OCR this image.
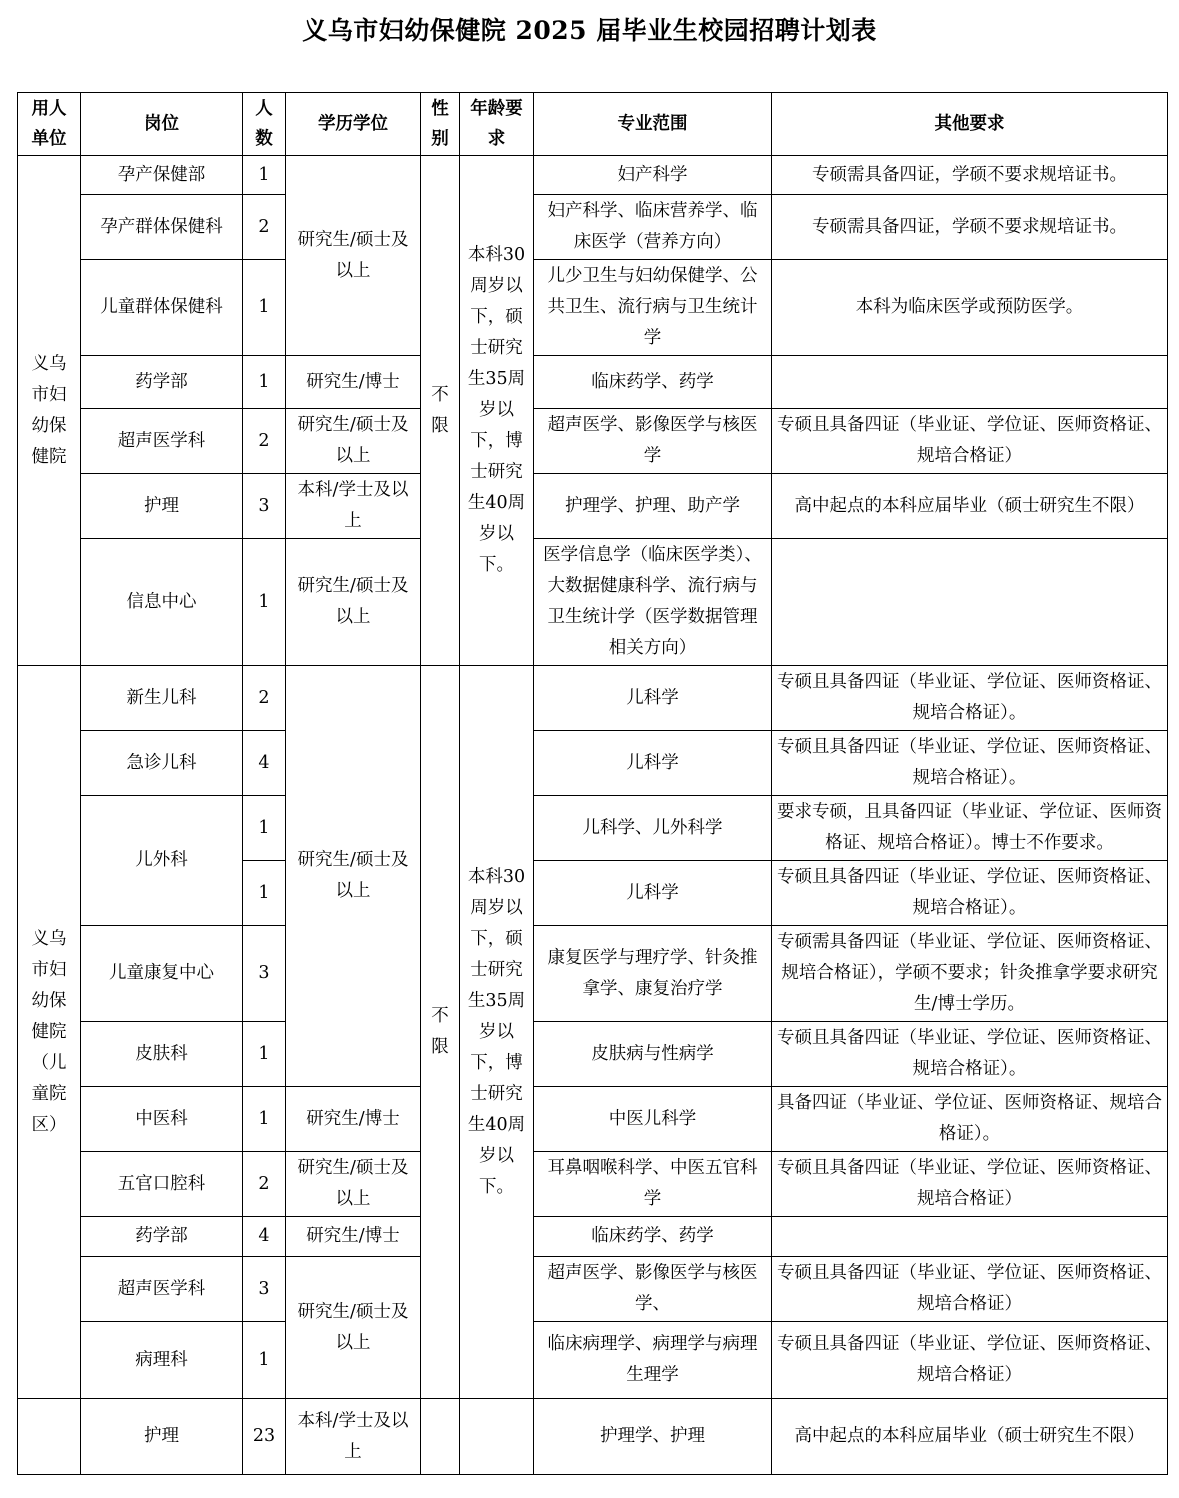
义乌市妇幼保健院 2025 届毕业生校园招聘计划表
用人单位	岗位	人数	学历学位	性别	年龄要求	专业范围	其他要求
义乌市妇幼保健院	孕产保健部	1	研究生/硕士及以上	不限	本科30周岁以下，硕士研究生35周岁以下，博士研究生40周岁以下。	妇产科学	专硕需具备四证，学硕不要求规培证书。
	孕产群体保健科	2				妇产科学、临床营养学、临床医学（营养方向）	专硕需具备四证，学硕不要求规培证书。
	儿童群体保健科	1				儿少卫生与妇幼保健学、公共卫生、流行病与卫生统计学	本科为临床医学或预防医学。
	药学部	1	研究生/博士			临床药学、药学	
	超声医学科	2	研究生/硕士及以上			超声医学、影像医学与核医学	专硕且具备四证（毕业证、学位证、医师资格证、规培合格证）
	护理	3	本科/学士及以上			护理学、护理、助产学	高中起点的本科应届毕业（硕士研究生不限）
	信息中心	1	研究生/硕士及以上			医学信息学（临床医学类）、大数据健康科学、流行病与卫生统计学（医学数据管理相关方向）	
义乌市妇幼保健院（儿童院区）	新生儿科	2	研究生/硕士及以上	不限	本科30周岁以下，硕士研究生35周岁以下，博士研究生40周岁以下。	儿科学	专硕且具备四证（毕业证、学位证、医师资格证、规培合格证）。
	急诊儿科	4				儿科学	专硕且具备四证（毕业证、学位证、医师资格证、规培合格证）。
	儿外科	1				儿科学、儿外科学	要求专硕，且具备四证（毕业证、学位证、医师资格证、规培合格证）。博士不作要求。
		1				儿科学	专硕且具备四证（毕业证、学位证、医师资格证、规培合格证）。
	儿童康复中心	3				康复医学与理疗学、针灸推拿学、康复治疗学	专硕需具备四证（毕业证、学位证、医师资格证、规培合格证），学硕不要求；针灸推拿学要求研究生/博士学历。
	皮肤科	1				皮肤病与性病学	专硕且具备四证（毕业证、学位证、医师资格证、规培合格证）。
	中医科	1	研究生/博士			中医儿科学	具备四证（毕业证、学位证、医师资格证、规培合格证）。
	五官口腔科	2	研究生/硕士及以上			耳鼻咽喉科学、中医五官科学	专硕且具备四证（毕业证、学位证、医师资格证、规培合格证）
	药学部	4	研究生/博士			临床药学、药学	
	超声医学科	3	研究生/硕士及以上			超声医学、影像医学与核医学、	专硕且具备四证（毕业证、学位证、医师资格证、规培合格证）
	病理科	1				临床病理学、病理学与病理生理学	专硕且具备四证（毕业证、学位证、医师资格证、规培合格证）
	护理	23	本科/学士及以上			护理学、护理	高中起点的本科应届毕业（硕士研究生不限）
